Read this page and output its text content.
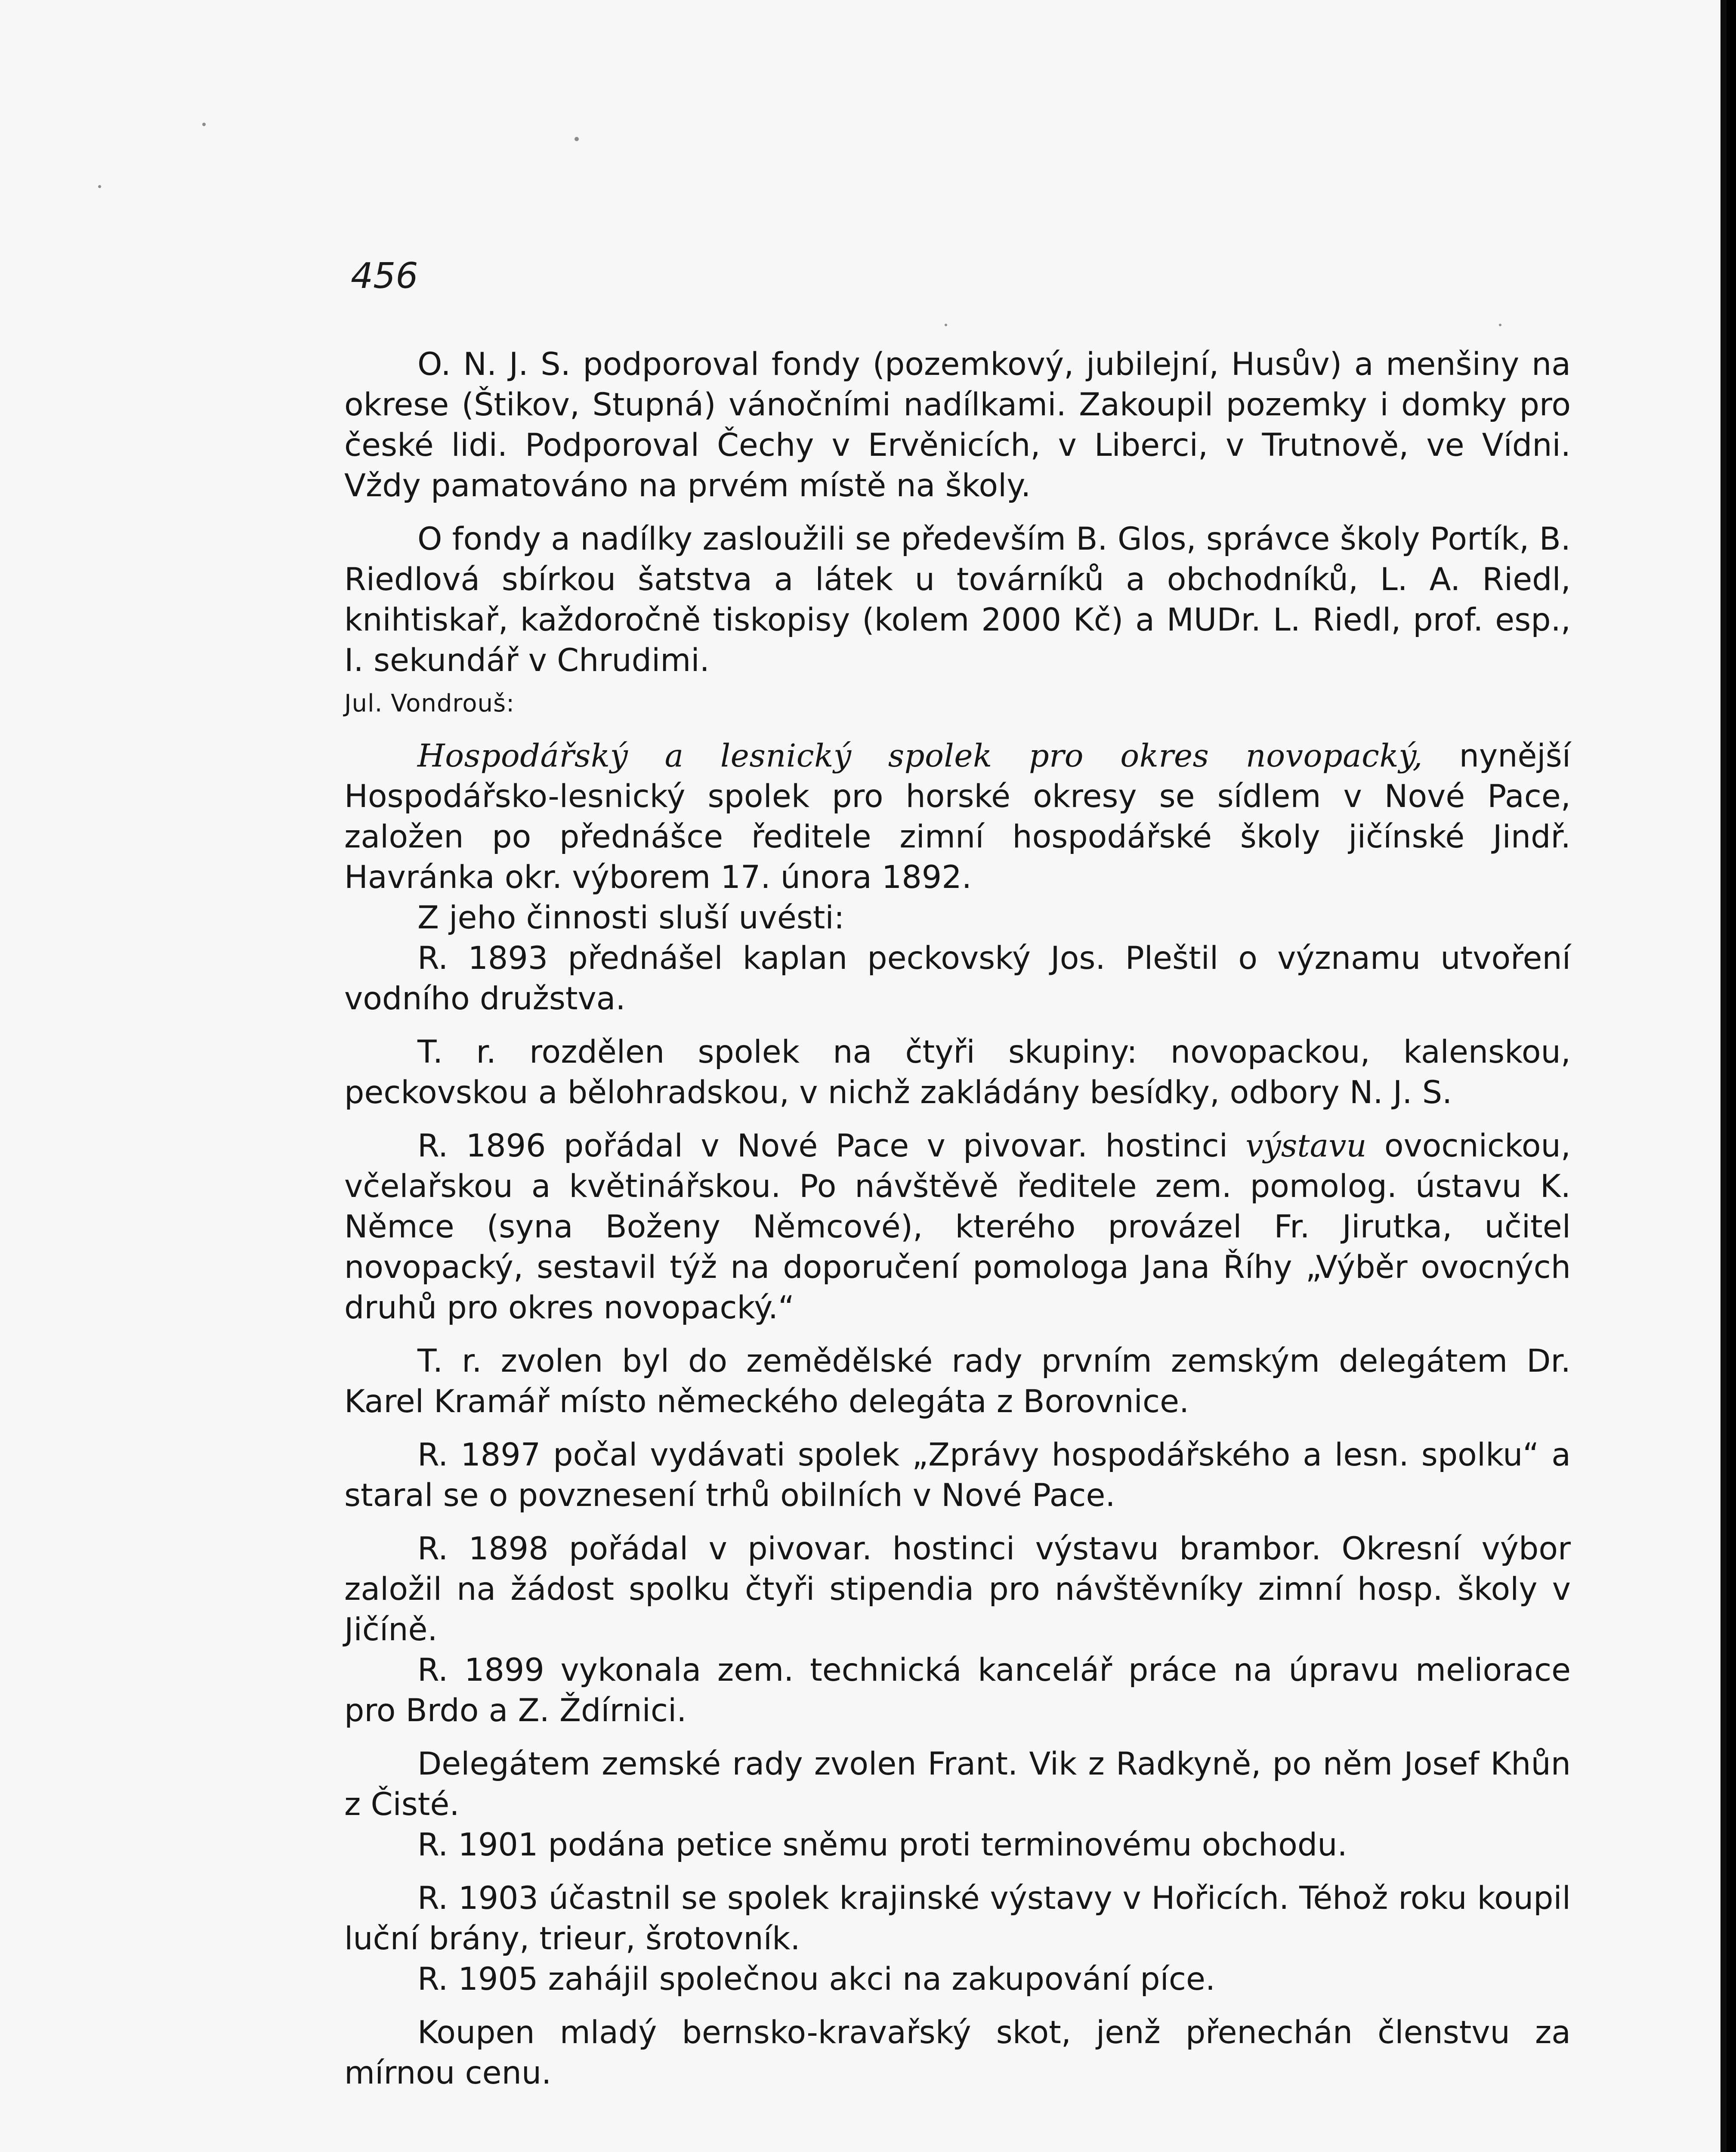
456

O. N. J. S. podporoval fondy (pozemkový, jubilejní, Husův) a menšiny na okrese (Štikov, Stupná) vánočními nadílkami. Zakoupil pozemky i domky pro české lidi. Podporoval Čechy v Ervěnicích, v Liberci, v Trutnově, ve Vídni. Vždy pamatováno na prvém místě na školy.

O fondy a nadílky zasloužili se především B. Glos, správce školy Portík, B. Riedlová sbírkou šatstva a látek u továrníků a obchodníků, L. A. Riedl, knihtiskař, každoročně tiskopisy (kolem 2000 Kč) a MUDr. L. Riedl, prof. esp., I. sekundář v Chrudimi.

Jul. Vondrouš:

Hospodářský a lesnický spolek pro okres novopacký, nynější Hospodářsko-lesnický spolek pro horské okresy se sídlem v Nové Pace, založen po přednášce ředitele zimní hospodářské školy jičínské Jindř. Havránka okr. výborem 17. února 1892.

Z jeho činnosti sluší uvésti:

R. 1893 přednášel kaplan peckovský Jos. Pleštil o významu utvoření vodního družstva.

T. r. rozdělen spolek na čtyři skupiny: novopackou, kalenskou, peckovskou a bělohradskou, v nichž zakládány besídky, odbory N. J. S.

R. 1896 pořádal v Nové Pace v pivovar. hostinci výstavu ovocnickou, včelařskou a květinářskou. Po návštěvě ředitele zem. pomolog. ústavu K. Němce (syna Boženy Němcové), kterého provázel Fr. Jirutka, učitel novopacký, sestavil týž na doporučení pomologa Jana Říhy „Výběr ovocných druhů pro okres novopacký.“

T. r. zvolen byl do zemědělské rady prvním zemským delegátem Dr. Karel Kramář místo německého delegáta z Borovnice.

R. 1897 počal vydávati spolek „Zprávy hospodářského a lesn. spolku“ a staral se o povznesení trhů obilních v Nové Pace.

R. 1898 pořádal v pivovar. hostinci výstavu brambor. Okresní výbor založil na žádost spolku čtyři stipendia pro návštěvníky zimní hosp. školy v Jičíně.

R. 1899 vykonala zem. technická kancelář práce na úpravu meliorace pro Brdo a Z. Ždírnici.

Delegátem zemské rady zvolen Frant. Vik z Radkyně, po něm Josef Khůn z Čisté.

R. 1901 podána petice sněmu proti terminovému obchodu.

R. 1903 účastnil se spolek krajinské výstavy v Hořicích. Téhož roku koupil luční brány, trieur, šrotovník.

R. 1905 zahájil společnou akci na zakupování píce.

Koupen mladý bernsko-kravařský skot, jenž přenechán členstvu za mírnou cenu.
